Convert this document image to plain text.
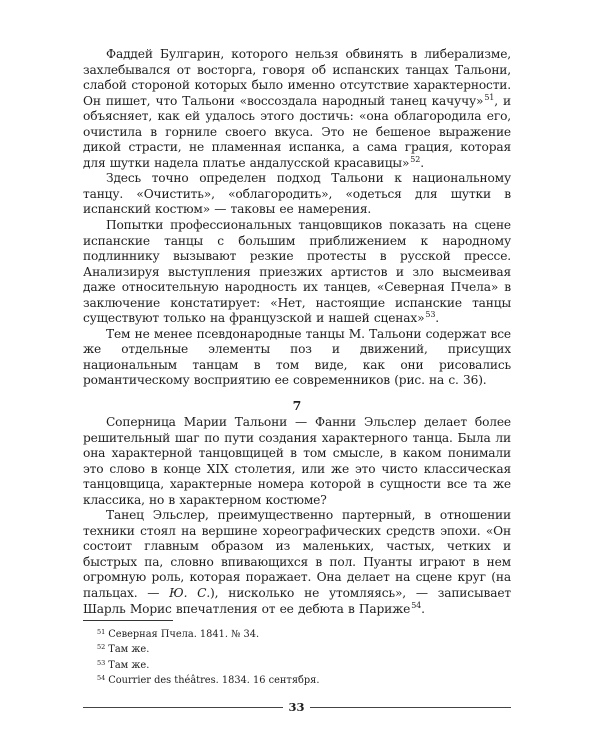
Фаддей Булгарин, которого нельзя обвинять в либерализме, захлебывался от восторга, говоря об испанских танцах Тальони, слабой стороной которых было именно отсутствие характерности. Он пишет, что Тальони «воссоздала народный танец качучу»$^{51}$, и объясняет, как ей удалось этого достичь: «она облагородила его, очистила в горниле своего вкуса. Это не бешеное выражение дикой страсти, не пламенная испанка, а сама грация, которая для шутки надела платье андалусской красавицы»$^{52}$.

Здесь точно определен подход Тальони к национальному танцу. «Очистить», «облагородить», «одеться для шутки в испанский костюм» — таковы ее намерения.

Попытки профессиональных танцовщиков показать на сцене испанские танцы с большим приближением к народному подлиннику вызывают резкие протесты в русской прессе. Анализируя выступления приезжих артистов и зло высмеивая даже относительную народность их танцев, «Северная Пчела» в заключение констатирует: «Нет, настоящие испанские танцы существуют только на французской и нашей сценах»$^{53}$.

Тем не менее псевдонародные танцы М. Тальони содержат все же отдельные элементы поз и движений, присущих национальным танцам в том виде, как они рисовались романтическому восприятию ее современников (рис. на с. 36).

7

Соперница Марии Тальони — Фанни Эльслер делает более решительный шаг по пути создания характерного танца. Была ли она характерной танцовщицей в том смысле, в каком понимали это слово в конце XIX столетия, или же это чисто классическая танцовщица, характерные номера которой в сущности все та же классика, но в характерном костюме?

Танец Эльслер, преимущественно партерный, в отношении техники стоял на вершине хореографических средств эпохи. «Он состоит главным образом из маленьких, частых, четких и быстрых па, словно впивающихся в пол. Пуанты играют в нем огромную роль, которая поражает. Она делает на сцене круг (на пальцах. — Ю. С.), нисколько не утомляясь», — записывает Шарль Морис впечатления от ее дебюта в Париже$^{54}$.

$^{51}$ Северная Пчела. 1841. № 34.

$^{52}$ Там же.

$^{53}$ Там же.

$^{54}$ Courrier des théâtres. 1834. 16 сентября.

33
